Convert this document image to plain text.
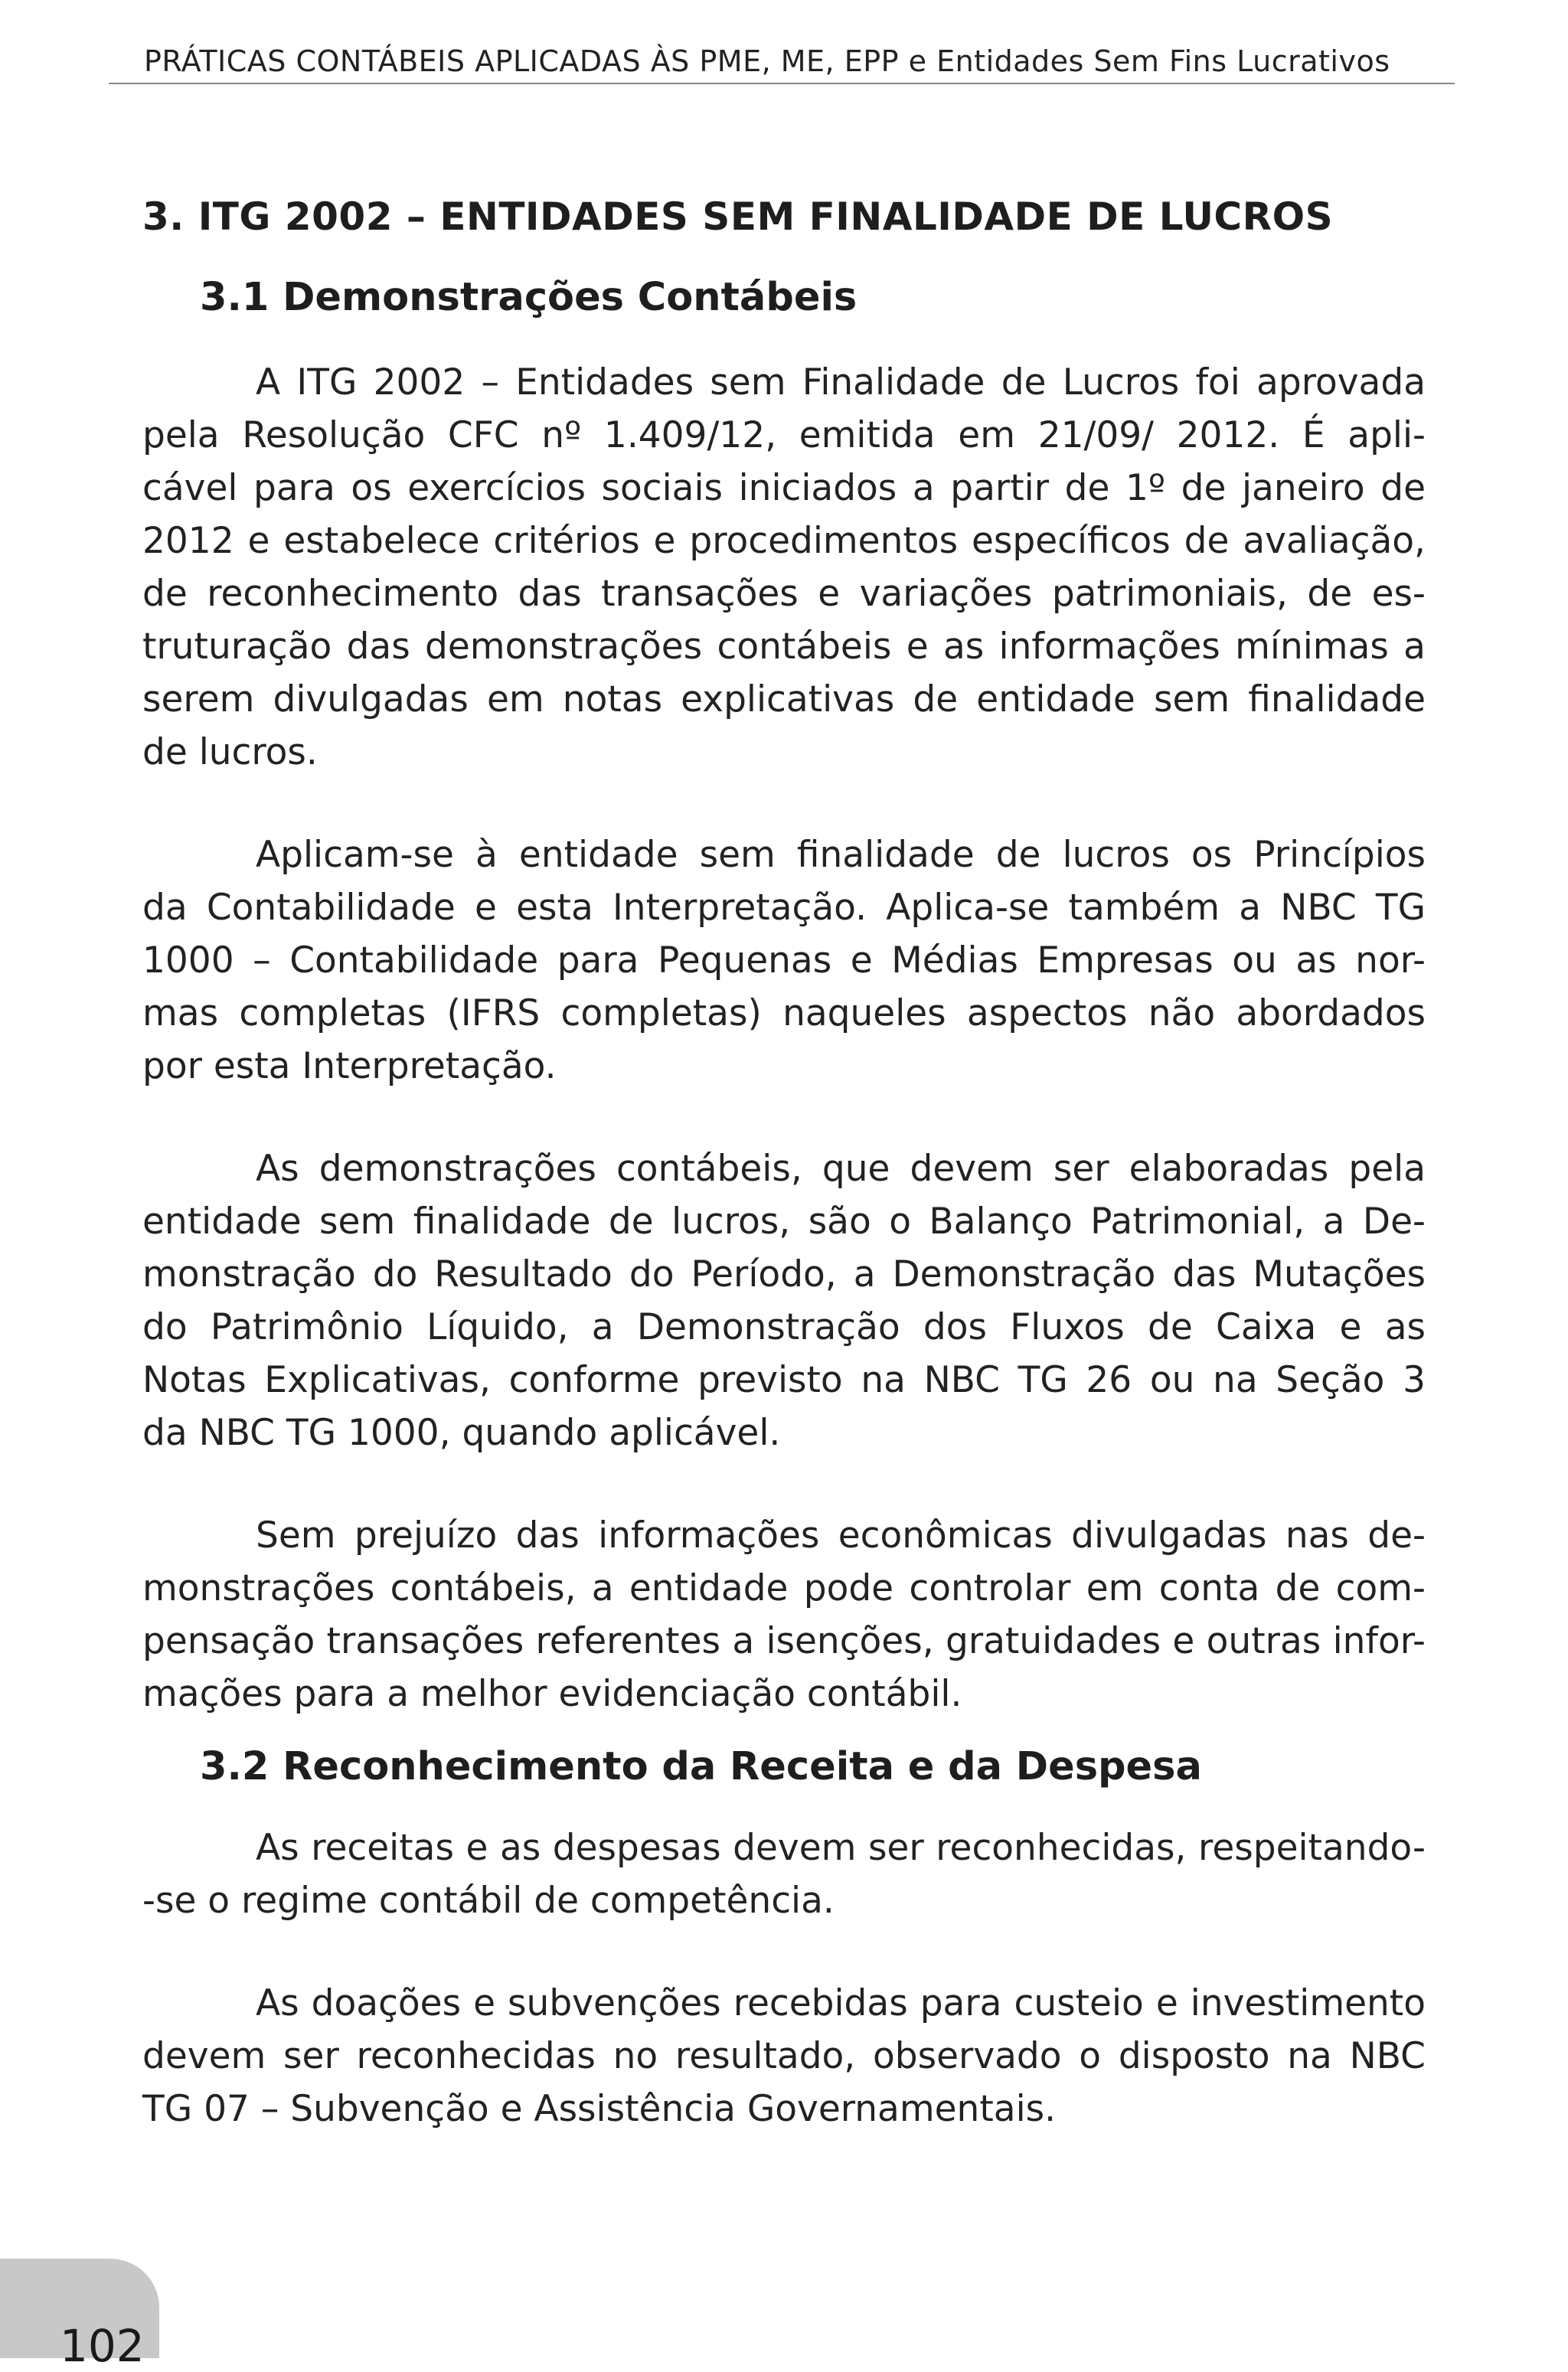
PRÁTICAS CONTÁBEIS APLICADAS ÀS PME, ME, EPP e Entidades Sem Fins Lucrativos
3. ITG 2002 – ENTIDADES SEM FINALIDADE DE LUCROS
3.1 Demonstrações Contábeis

A ITG 2002 – Entidades sem Finalidade de Lucros foi aprovada
pela Resolução CFC nº 1.409/12, emitida em 21/09/ 2012. É apli-
cável para os exercícios sociais iniciados a partir de 1º de janeiro de
2012 e estabelece critérios e procedimentos específicos de avaliação,
de reconhecimento das transações e variações patrimoniais, de es-
truturação das demonstrações contábeis e as informações mínimas a
serem divulgadas em notas explicativas de entidade sem finalidade
de lucros.

Aplicam-se à entidade sem finalidade de lucros os Princípios
da Contabilidade e esta Interpretação. Aplica-se também a NBC TG
1000 – Contabilidade para Pequenas e Médias Empresas ou as nor-
mas completas (IFRS completas) naqueles aspectos não abordados
por esta Interpretação.

As demonstrações contábeis, que devem ser elaboradas pela
entidade sem finalidade de lucros, são o Balanço Patrimonial, a De-
monstração do Resultado do Período, a Demonstração das Mutações
do Patrimônio Líquido, a Demonstração dos Fluxos de Caixa e as
Notas Explicativas, conforme previsto na NBC TG 26 ou na Seção 3
da NBC TG 1000, quando aplicável.

Sem prejuízo das informações econômicas divulgadas nas de-
monstrações contábeis, a entidade pode controlar em conta de com-
pensação transações referentes a isenções, gratuidades e outras infor-
mações para a melhor evidenciação contábil.

3.2 Reconhecimento da Receita e da Despesa

As receitas e as despesas devem ser reconhecidas, respeitando-
-se o regime contábil de competência.

As doações e subvenções recebidas para custeio e investimento
devem ser reconhecidas no resultado, observado o disposto na NBC
TG 07 – Subvenção e Assistência Governamentais.

102
